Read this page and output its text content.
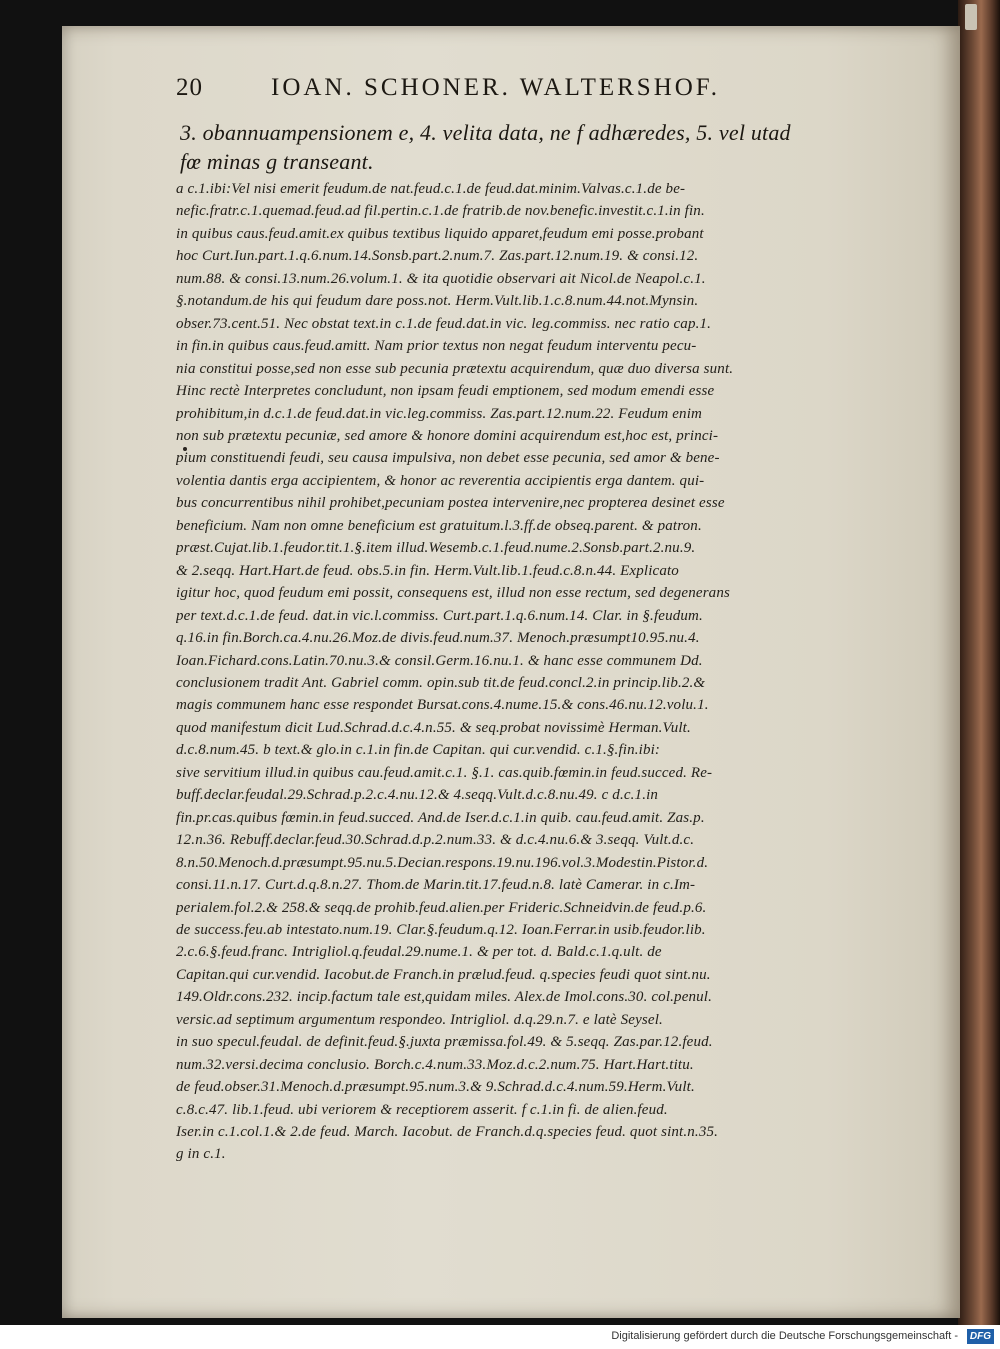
20	IOAN. SCHONER. WALTERSHOF.
3. obannuampensionem e, 4. velita data, ne f adhæredes, 5. vel utad
fœ minas g transeant.
a c.1.ibi:Vel nisi emerit feudum.de nat.feud.c.1.de feud.dat.minim.Valvas.c.1.de be-
nefic.fratr.c.1.quemad.feud.ad fil.pertin.c.1.de fratrib.de nov.benefic.investit.c.1.in fin.
in quibus caus.feud.amit.ex quibus textibus liquido apparet,feudum emi posse.probant
hoc Curt.Iun.part.1.q.6.num.14.Sonsb.part.2.num.7. Zas.part.12.num.19. & consi.12.
num.88. & consi.13.num.26.volum.1. & ita quotidie observari ait Nicol.de Neapol.c.1.
§.notandum.de his qui feudum dare poss.not. Herm.Vult.lib.1.c.8.num.44.not.Mynsin.
obser.73.cent.51. Nec obstat text.in c.1.de feud.dat.in vic. leg.commiss. nec ratio cap.1.
in fin.in quibus caus.feud.amitt. Nam prior textus non negat feudum interventu pecu-
nia constitui posse,sed non esse sub pecunia prætextu acquirendum, quæ duo diversa sunt.
Hinc rectè Interpretes concludunt, non ipsam feudi emptionem, sed modum emendi esse
prohibitum,in d.c.1.de feud.dat.in vic.leg.commiss. Zas.part.12.num.22. Feudum enim
non sub prætextu pecuniæ, sed amore & honore domini acquirendum est,hoc est, princi-
pium constituendi feudi, seu causa impulsiva, non debet esse pecunia, sed amor & bene-
volentia dantis erga accipientem, & honor ac reverentia accipientis erga dantem. qui-
bus concurrentibus nihil prohibet,pecuniam postea intervenire,nec propterea desinet esse
beneficium. Nam non omne beneficium est gratuitum.l.3.ff.de obseq.parent. & patron.
præst.Cujat.lib.1.feudor.tit.1.§.item illud.Wesemb.c.1.feud.nume.2.Sonsb.part.2.nu.9.
& 2.seqq. Hart.Hart.de feud. obs.5.in fin. Herm.Vult.lib.1.feud.c.8.n.44. Explicato
igitur hoc, quod feudum emi possit, consequens est, illud non esse rectum, sed degenerans
per text.d.c.1.de feud. dat.in vic.l.commiss. Curt.part.1.q.6.num.14. Clar. in §.feudum.
q.16.in fin.Borch.ca.4.nu.26.Moz.de divis.feud.num.37. Menoch.præsumpt10.95.nu.4.
Ioan.Fichard.cons.Latin.70.nu.3.& consil.Germ.16.nu.1. & hanc esse communem Dd.
conclusionem tradit Ant. Gabriel comm. opin.sub tit.de feud.concl.2.in princip.lib.2.&
magis communem hanc esse respondet Bursat.cons.4.nume.15.& cons.46.nu.12.volu.1.
quod manifestum dicit Lud.Schrad.d.c.4.n.55. & seq.probat novissimè Herman.Vult.
d.c.8.num.45. b text.& glo.in c.1.in fin.de Capitan. qui cur.vendid. c.1.§.fin.ibi:
sive servitium illud.in quibus cau.feud.amit.c.1. §.1. cas.quib.fœmin.in feud.succed. Re-
buff.declar.feudal.29.Schrad.p.2.c.4.nu.12.& 4.seqq.Vult.d.c.8.nu.49. c d.c.1.in
fin.pr.cas.quibus fœmin.in feud.succed. And.de Iser.d.c.1.in quib. cau.feud.amit. Zas.p.
12.n.36. Rebuff.declar.feud.30.Schrad.d.p.2.num.33. & d.c.4.nu.6.& 3.seqq. Vult.d.c.
8.n.50.Menoch.d.præsumpt.95.nu.5.Decian.respons.19.nu.196.vol.3.Modestin.Pistor.d.
consi.11.n.17. Curt.d.q.8.n.27. Thom.de Marin.tit.17.feud.n.8. latè Camerar. in c.Im-
perialem.fol.2.& 258.& seqq.de prohib.feud.alien.per Frideric.Schneidvin.de feud.p.6.
de success.feu.ab intestato.num.19. Clar.§.feudum.q.12. Ioan.Ferrar.in usib.feudor.lib.
2.c.6.§.feud.franc. Intrigliol.q.feudal.29.nume.1. & per tot. d. Bald.c.1.q.ult. de
Capitan.qui cur.vendid. Iacobut.de Franch.in prælud.feud. q.species feudi quot sint.nu.
149.Oldr.cons.232. incip.factum tale est,quidam miles. Alex.de Imol.cons.30. col.penul.
versic.ad septimum argumentum respondeo. Intrigliol. d.q.29.n.7. e latè Seysel.
in suo specul.feudal. de definit.feud.§.juxta præmissa.fol.49. & 5.seqq. Zas.par.12.feud.
num.32.versi.decima conclusio. Borch.c.4.num.33.Moz.d.c.2.num.75. Hart.Hart.titu.
de feud.obser.31.Menoch.d.præsumpt.95.num.3.& 9.Schrad.d.c.4.num.59.Herm.Vult.
c.8.c.47. lib.1.feud. ubi veriorem & receptiorem asserit. f c.1.in fi. de alien.feud.
Iser.in c.1.col.1.& 2.de feud. March. Iacobut. de Franch.d.q.species feud. quot sint.n.35.
g in c.1.
Digitalisierung gefördert durch die Deutsche Forschungsgemeinschaft -	DFG
